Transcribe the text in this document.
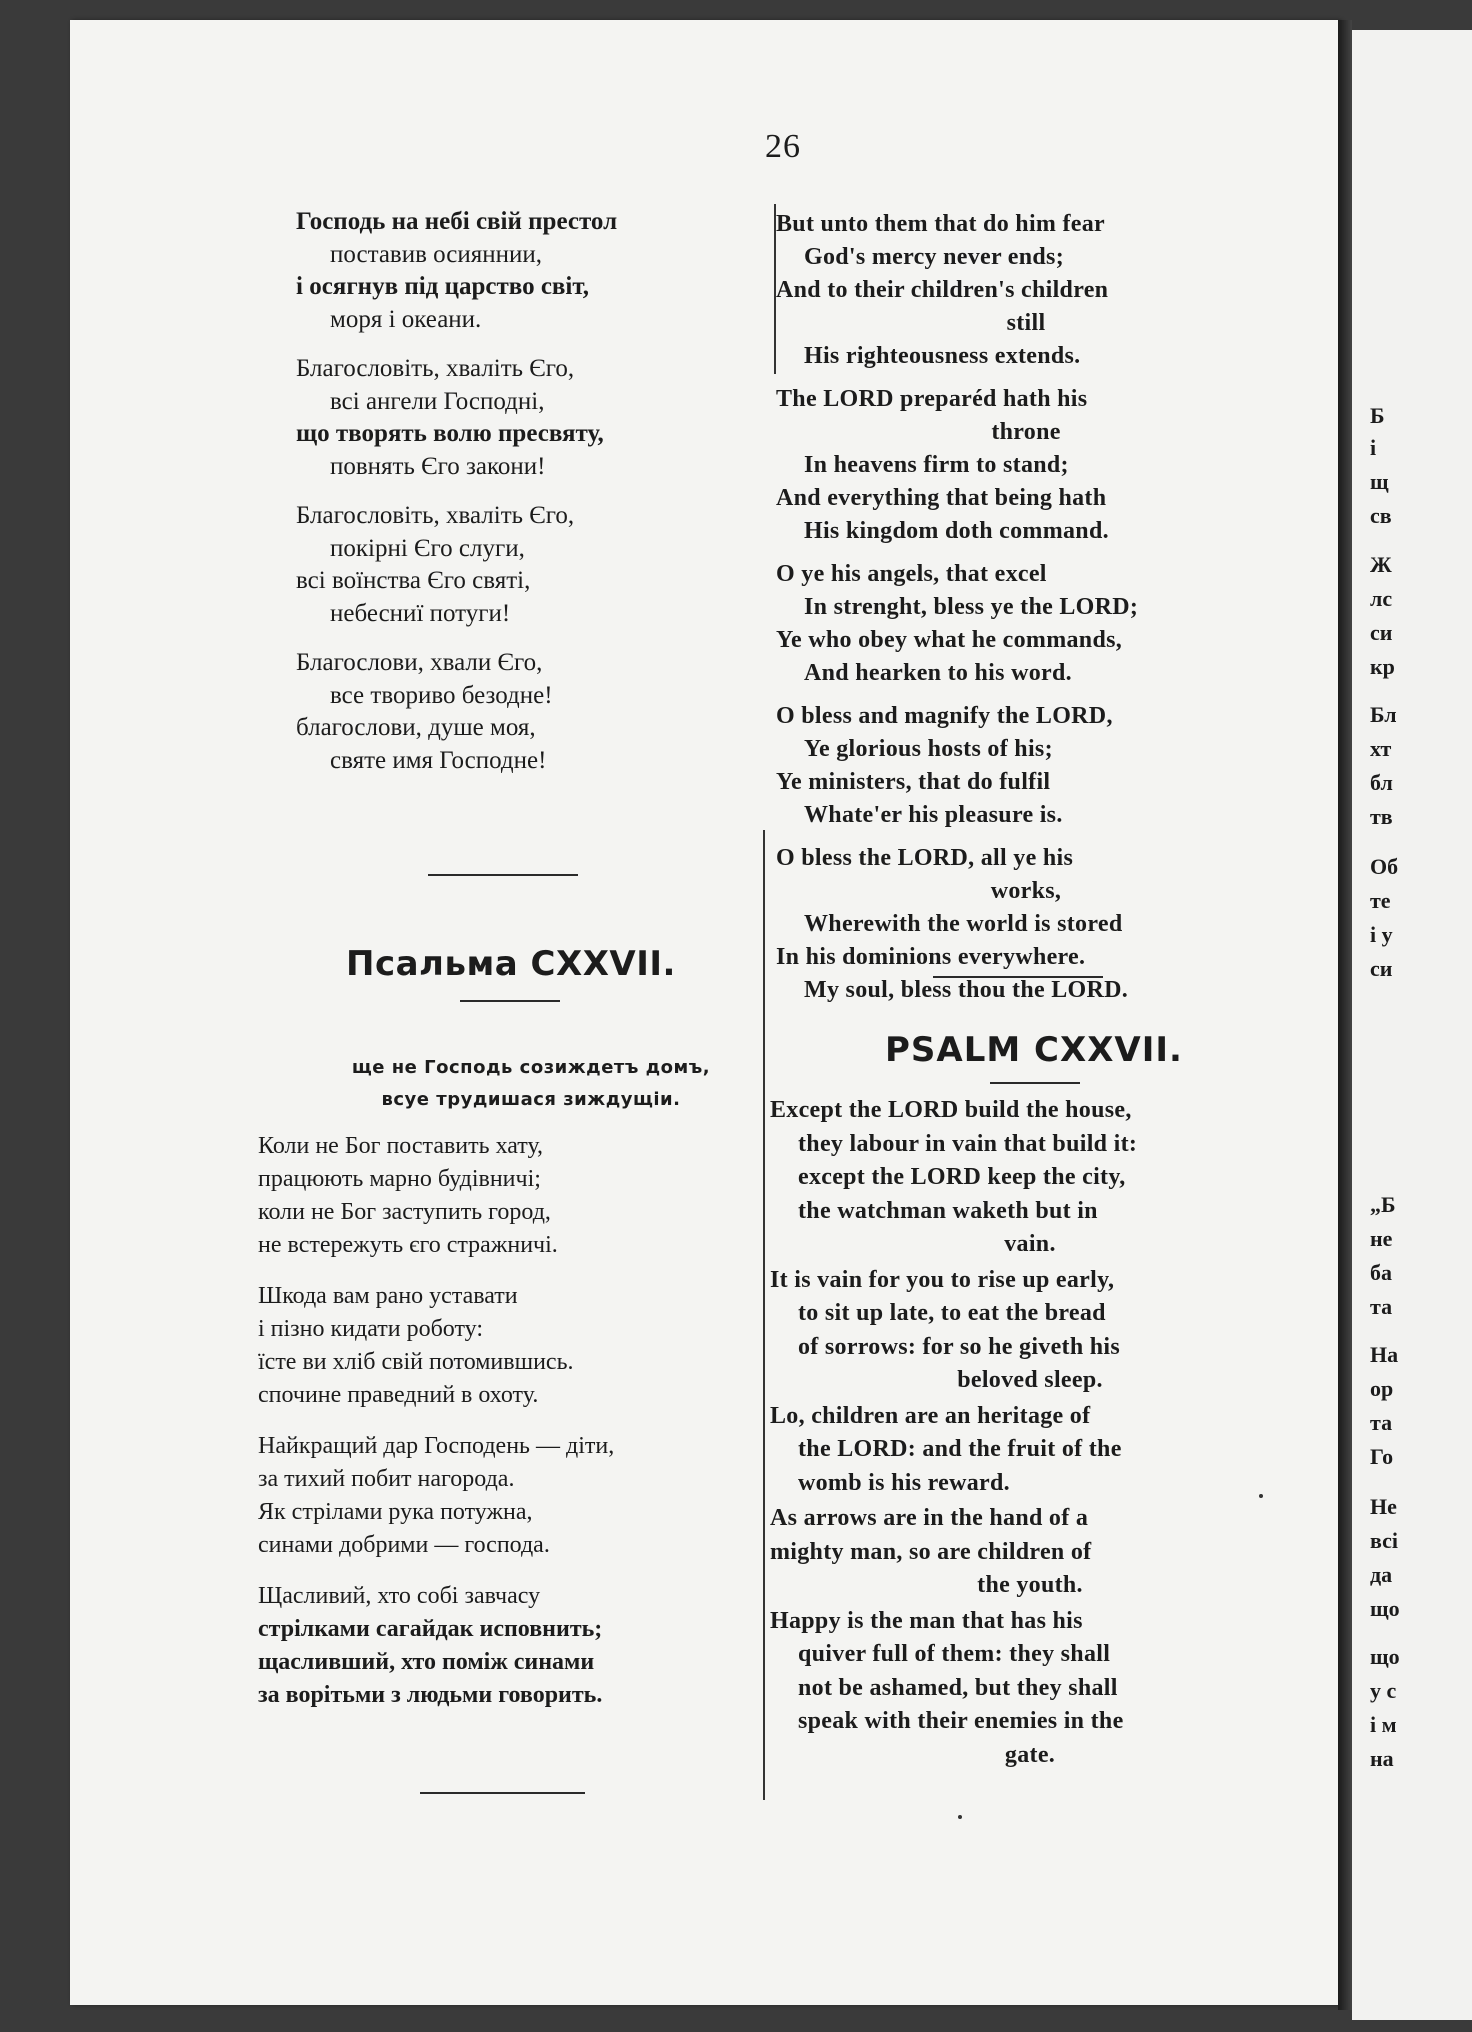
26
Господь на небі свій престол
поставив осияннии,
і осягнув під царство світ,
моря і океани.
Благословіть, хваліть Єго,
всі ангели Господні,
що творять волю пресвяту,
повнять Єго закони!
Благословіть, хваліть Єго,
покірні Єго слуги,
всі воїнства Єго святі,
небесниї потуги!
Благослови, хвали Єго,
все твориво безодне!
благослови, душе моя,
святе имя Господне!
Псальма CXXVII.
ще не Господь созиждетъ домъ,
всуе трудишася зиждущіи.
Коли не Бог поставить хату,
працюють марно будівничі;
коли не Бог заступить город,
не встережуть єго стражничі.
Шкода вам рано уставати
і пізно кидати роботу:
їсте ви хліб свій потомившись.
спочине праведний в охоту.
Найкращий дар Господень — діти,
за тихий побит нагорода.
Як стрілами рука потужна,
синами добрими — господа.
Щасливий, хто собі завчасу
стрілками сагайдак исповнить;
щасливший, хто поміж синами
за ворітьми з людьми говорить.
But unto them that do him fear
God's mercy never ends;
And to their children's children
still
His righteousness extends.
The LORD preparéd hath his
throne
In heavens firm to stand;
And everything that being hath
His kingdom doth command.
O ye his angels, that excel
In strenght, bless ye the LORD;
Ye who obey what he commands,
And hearken to his word.
O bless and magnify the LORD,
Ye glorious hosts of his;
Ye ministers, that do fulfil
Whate'er his pleasure is.
O bless the LORD, all ye his
works,
Wherewith the world is stored
In his dominions everywhere.
My soul, bless thou the LORD.
PSALM CXXVII.
Except the LORD build the house,
they labour in vain that build it:
except the LORD keep the city,
the watchman waketh but in
vain.
It is vain for you to rise up early,
to sit up late, to eat the bread
of sorrows: for so he giveth his
beloved sleep.
Lo, children are an heritage of
the LORD: and the fruit of the
womb is his reward.
As arrows are in the hand of a
mighty man, so are children of
the youth.
Happy is the man that has his
quiver full of them: they shall
not be ashamed, but they shall
speak with their enemies in the
gate.
Б
і
щ
св
Ж
лс
си
кр
Бл
хт
бл
тв
Об
те
і у
си
„Б
не
ба
та
На
ор
та
Го
Не
всі
да
що
що
у с
і м
на
